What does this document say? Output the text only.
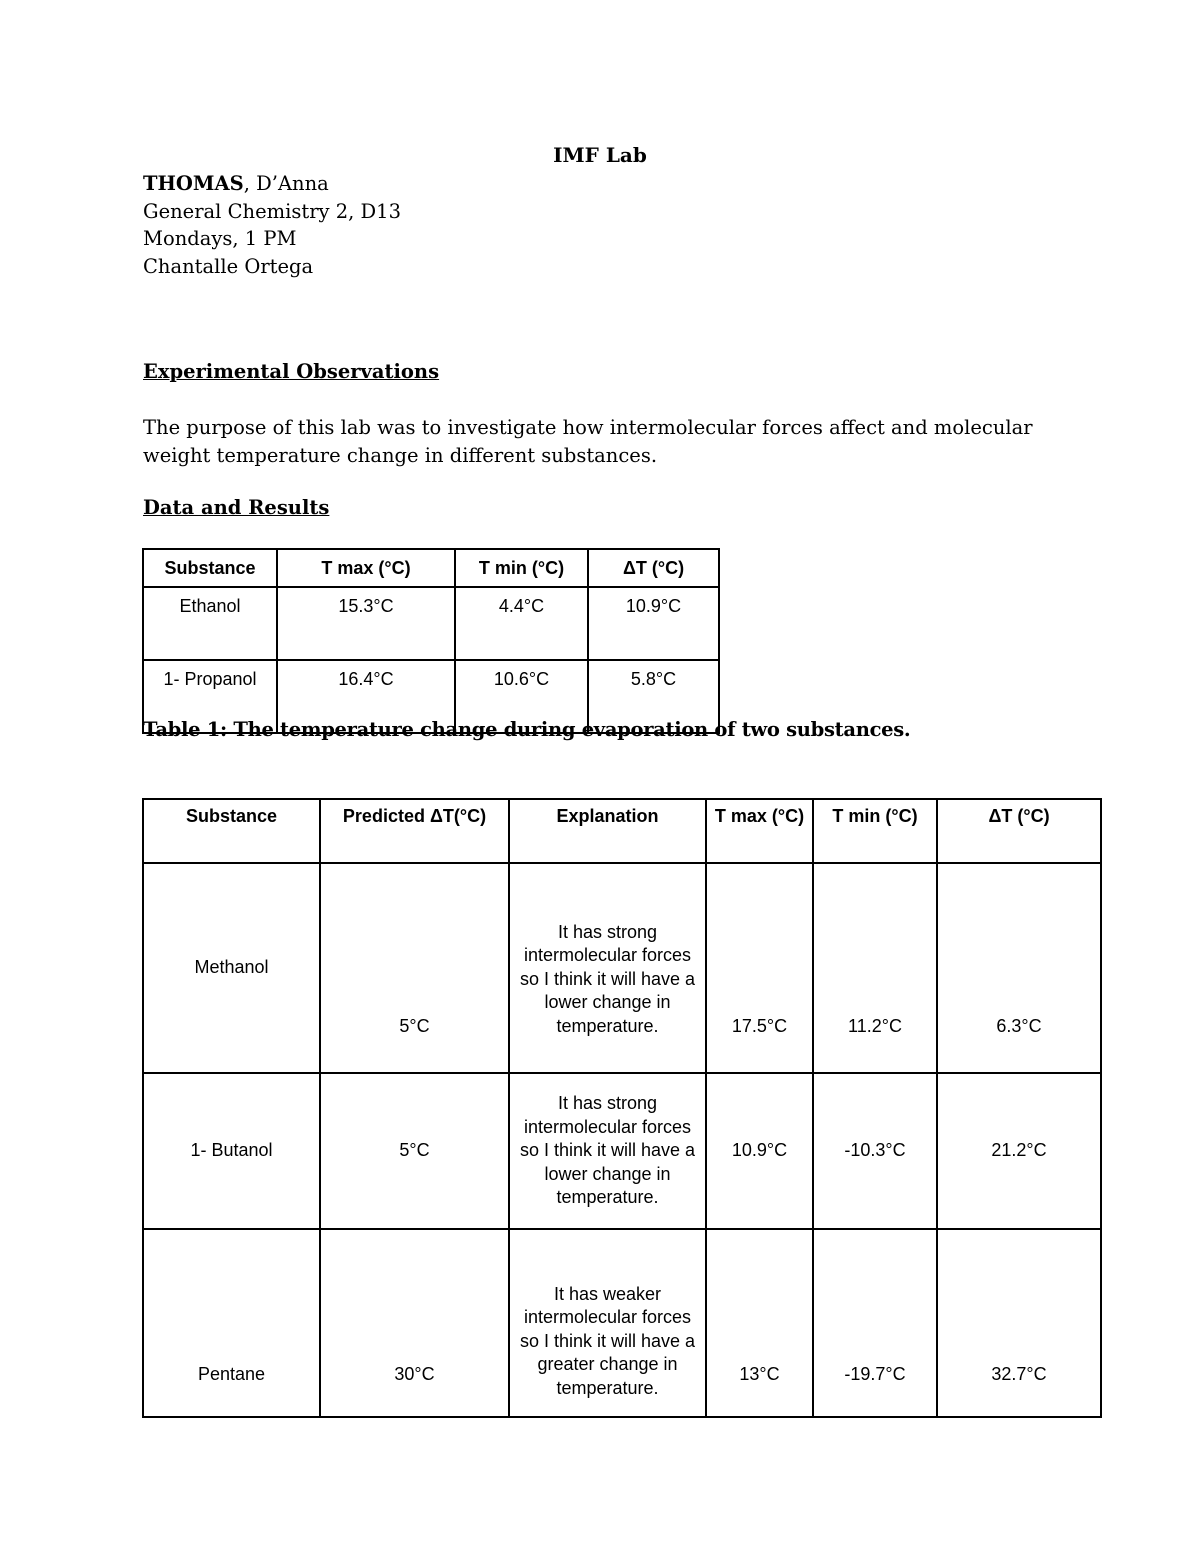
IMF Lab
THOMAS, D’Anna
General Chemistry 2, D13
Mondays, 1 PM
Chantalle Ortega
Experimental Observations
The purpose of this lab was to investigate how intermolecular forces affect and molecular weight temperature change in different substances.
Data and Results
Substance	T max (°C)	T min (°C)	ΔT (°C)
Ethanol	15.3°C	4.4°C	10.9°C
1- Propanol	16.4°C	10.6°C	5.8°C
Table 1: The temperature change during evaporation of two substances.
Substance	Predicted ΔT(°C)	Explanation	T max (°C)	T min (°C)	ΔT (°C)
Methanol	5°C	It has strong intermolecular forces so I think it will have a lower change in temperature.	17.5°C	11.2°C	6.3°C
1- Butanol	5°C	It has strong intermolecular forces so I think it will have a lower change in temperature.	10.9°C	-10.3°C	21.2°C
Pentane	30°C	It has weaker intermolecular forces so I think it will have a greater change in temperature.	13°C	-19.7°C	32.7°C
